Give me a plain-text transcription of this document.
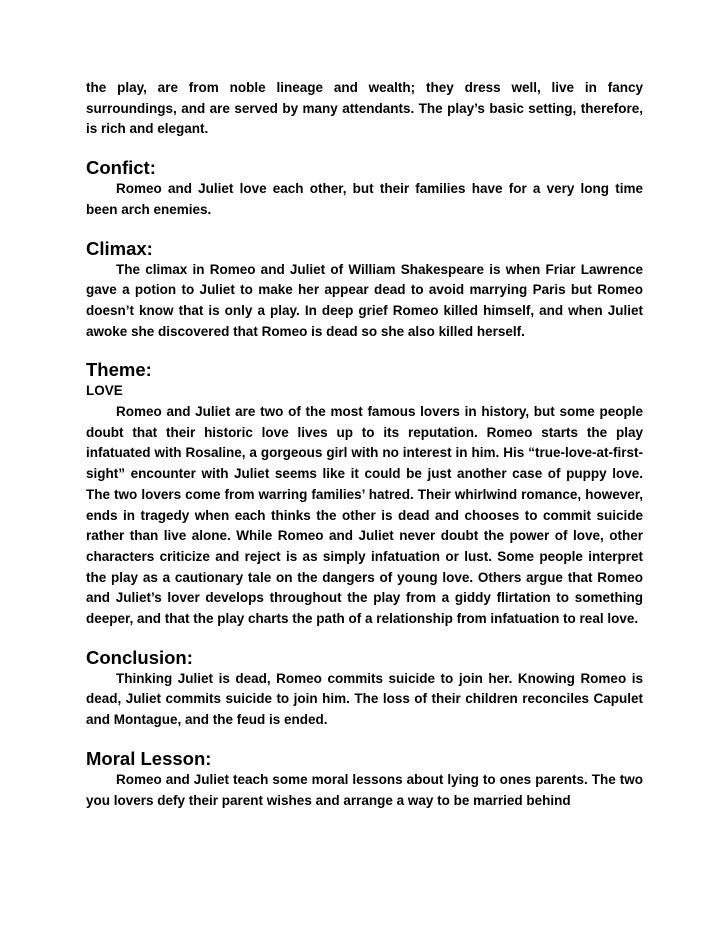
the play, are from noble lineage and wealth; they dress well, live in fancy surroundings, and are served by many attendants. The play’s basic setting, therefore, is rich and elegant.

Confict:

Romeo and Juliet love each other, but their families have for a very long time been arch enemies.

Climax:

The climax in Romeo and Juliet of William Shakespeare is when Friar Lawrence gave a potion to Juliet to make her appear dead to avoid marrying Paris but Romeo doesn’t know that is only a play. In deep grief Romeo killed himself, and when Juliet awoke she discovered that Romeo is dead so she also killed herself.

Theme:

LOVE

Romeo and Juliet are two of the most famous lovers in history, but some people doubt that their historic love lives up to its reputation. Romeo starts the play infatuated with Rosaline, a gorgeous girl with no interest in him. His “true-love-at-first-sight” encounter with Juliet seems like it could be just another case of puppy love. The two lovers come from warring families’ hatred. Their whirlwind romance, however, ends in tragedy when each thinks the other is dead and chooses to commit suicide rather than live alone. While Romeo and Juliet never doubt the power of love, other characters criticize and reject is as simply infatuation or lust. Some people interpret the play as a cautionary tale on the dangers of young love. Others argue that Romeo and Juliet’s lover develops throughout the play from a giddy flirtation to something deeper, and that the play charts the path of a relationship from infatuation to real love.

Conclusion:

Thinking Juliet is dead, Romeo commits suicide to join her. Knowing Romeo is dead, Juliet commits suicide to join him. The loss of their children reconciles Capulet and Montague, and the feud is ended.

Moral Lesson:

Romeo and Juliet teach some moral lessons about lying to ones parents. The two you lovers defy their parent wishes and arrange a way to be married behind
